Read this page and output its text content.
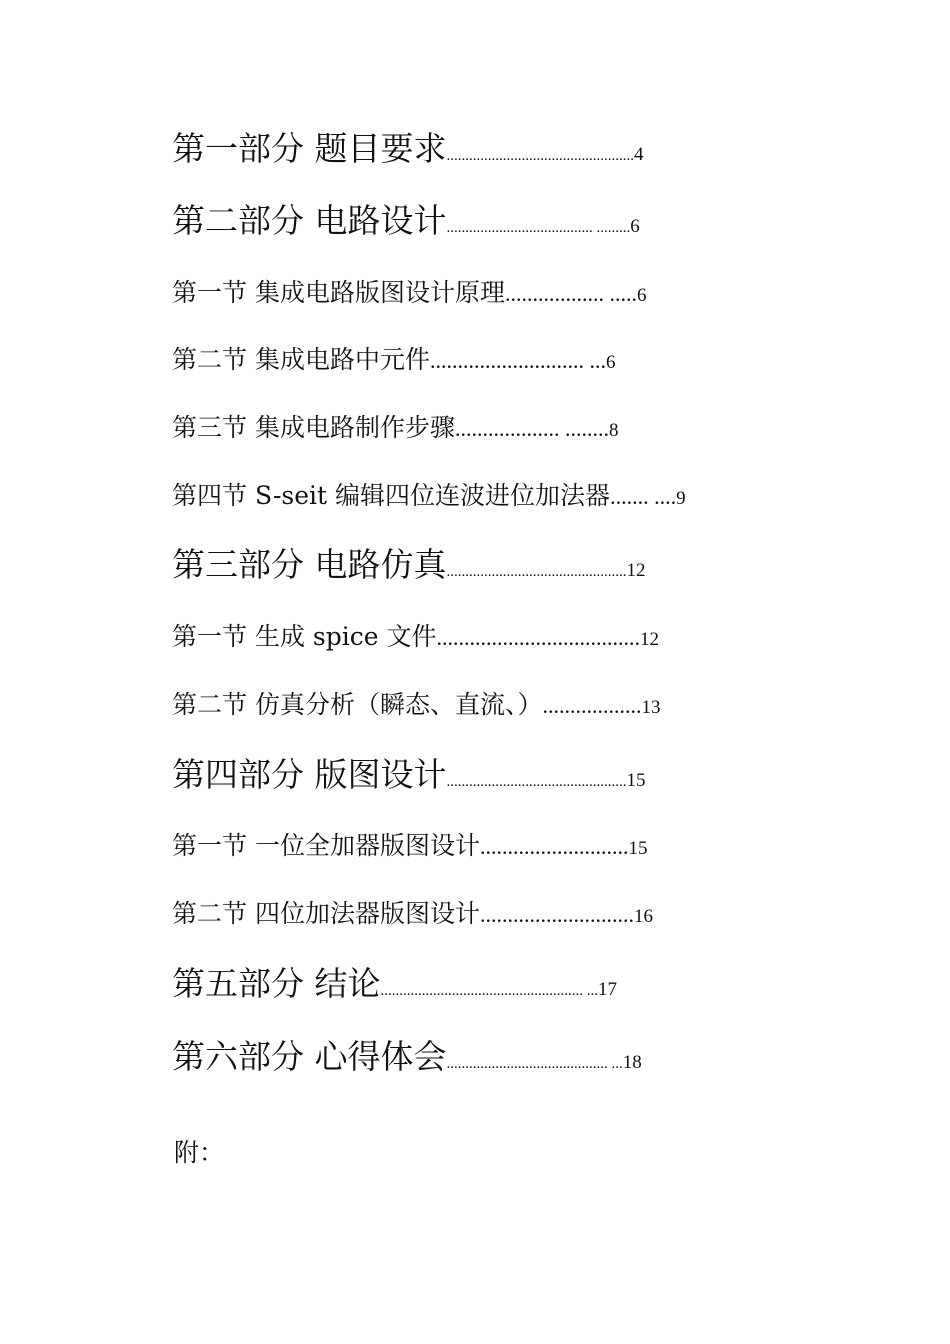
第一部分 题目要求..................................................4
第二部分 电路设计....................................... .........6
第一节 集成电路版图设计原理.................. .....6
第二节 集成电路中元件............................ ...6
第三节 集成电路制作步骤................... ........8
第四节 S-seit 编辑四位连波进位加法器....... ....9
第三部分 电路仿真................................................12
第一节 生成 spice 文件.....................................12
第二节 仿真分析（瞬态、直流、）..................13
第四部分 版图设计................................................15
第一节 一位全加器版图设计...........................15
第二节 四位加法器版图设计............................16
第五部分 结论...................................................... ...17
第六部分 心得体会........................................... ...18
附：
